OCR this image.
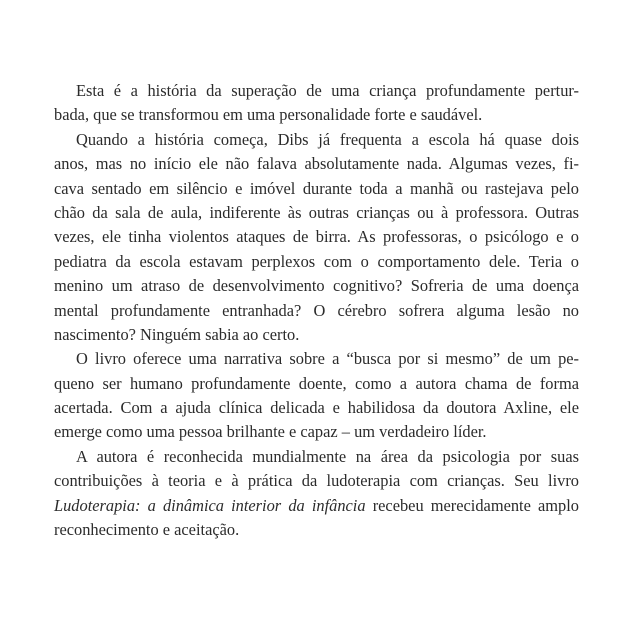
Esta é a história da superação de uma criança profundamente pertur-
bada, que se transformou em uma personalidade forte e saudável.
Quando a história começa, Dibs já frequenta a escola há quase dois
anos, mas no início ele não falava absolutamente nada. Algumas vezes, fi-
cava sentado em silêncio e imóvel durante toda a manhã ou rastejava pelo
chão da sala de aula, indiferente às outras crianças ou à professora. Outras
vezes, ele tinha violentos ataques de birra. As professoras, o psicólogo e o
pediatra da escola estavam perplexos com o comportamento dele. Teria o
menino um atraso de desenvolvimento cognitivo? Sofreria de uma doença
mental profundamente entranhada? O cérebro sofrera alguma lesão no
nascimento? Ninguém sabia ao certo.
O livro oferece uma narrativa sobre a “busca por si mesmo” de um pe-
queno ser humano profundamente doente, como a autora chama de forma
acertada. Com a ajuda clínica delicada e habilidosa da doutora Axline, ele
emerge como uma pessoa brilhante e capaz – um verdadeiro líder.
A autora é reconhecida mundialmente na área da psicologia por suas
contribuições à teoria e à prática da ludoterapia com crianças. Seu livro
Ludoterapia: a dinâmica interior da infância recebeu merecidamente amplo
reconhecimento e aceitação.
